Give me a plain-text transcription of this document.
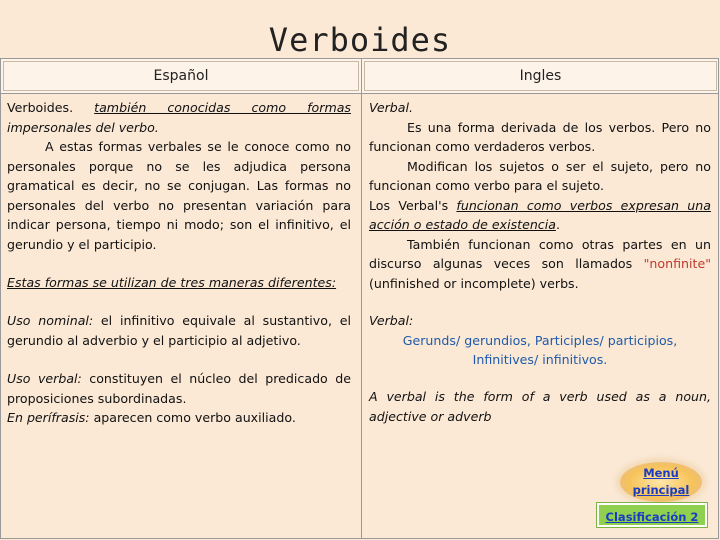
Verboides
Español	Ingles
Verboides. también conocidas como formas
impersonales del verbo.
A estas formas verbales se le conoce como no personales porque no se les adjudica persona gramatical es decir, no se conjugan. Las formas no personales del verbo no presentan variación para indicar persona, tiempo ni modo; son el infinitivo, el gerundio y el participio.
Estas formas se utilizan de tres maneras diferentes:
Uso nominal: el infinitivo equivale al sustantivo, el gerundio al adverbio y el participio al adjetivo.
Uso verbal: constituyen el núcleo del predicado de proposiciones subordinadas.
En perífrasis: aparecen como verbo auxiliado.
Verbal.
Es una forma derivada de los verbos. Pero no funcionan como verdaderos verbos.
Modifican los sujetos o ser el sujeto, pero no funcionan como verbo para el sujeto.
Los Verbal's funcionan como verbos expresan una acción o estado de existencia.
También funcionan como otras partes en un discurso algunas veces son llamados "nonfinite" (unfinished or incomplete) verbs.
Verbal:
Gerunds/ gerundios, Participles/ participios,
Infinitives/ infinitivos.
A verbal is the form of a verb used as a noun, adjective or adverb
Menú principal
Clasificación 2
